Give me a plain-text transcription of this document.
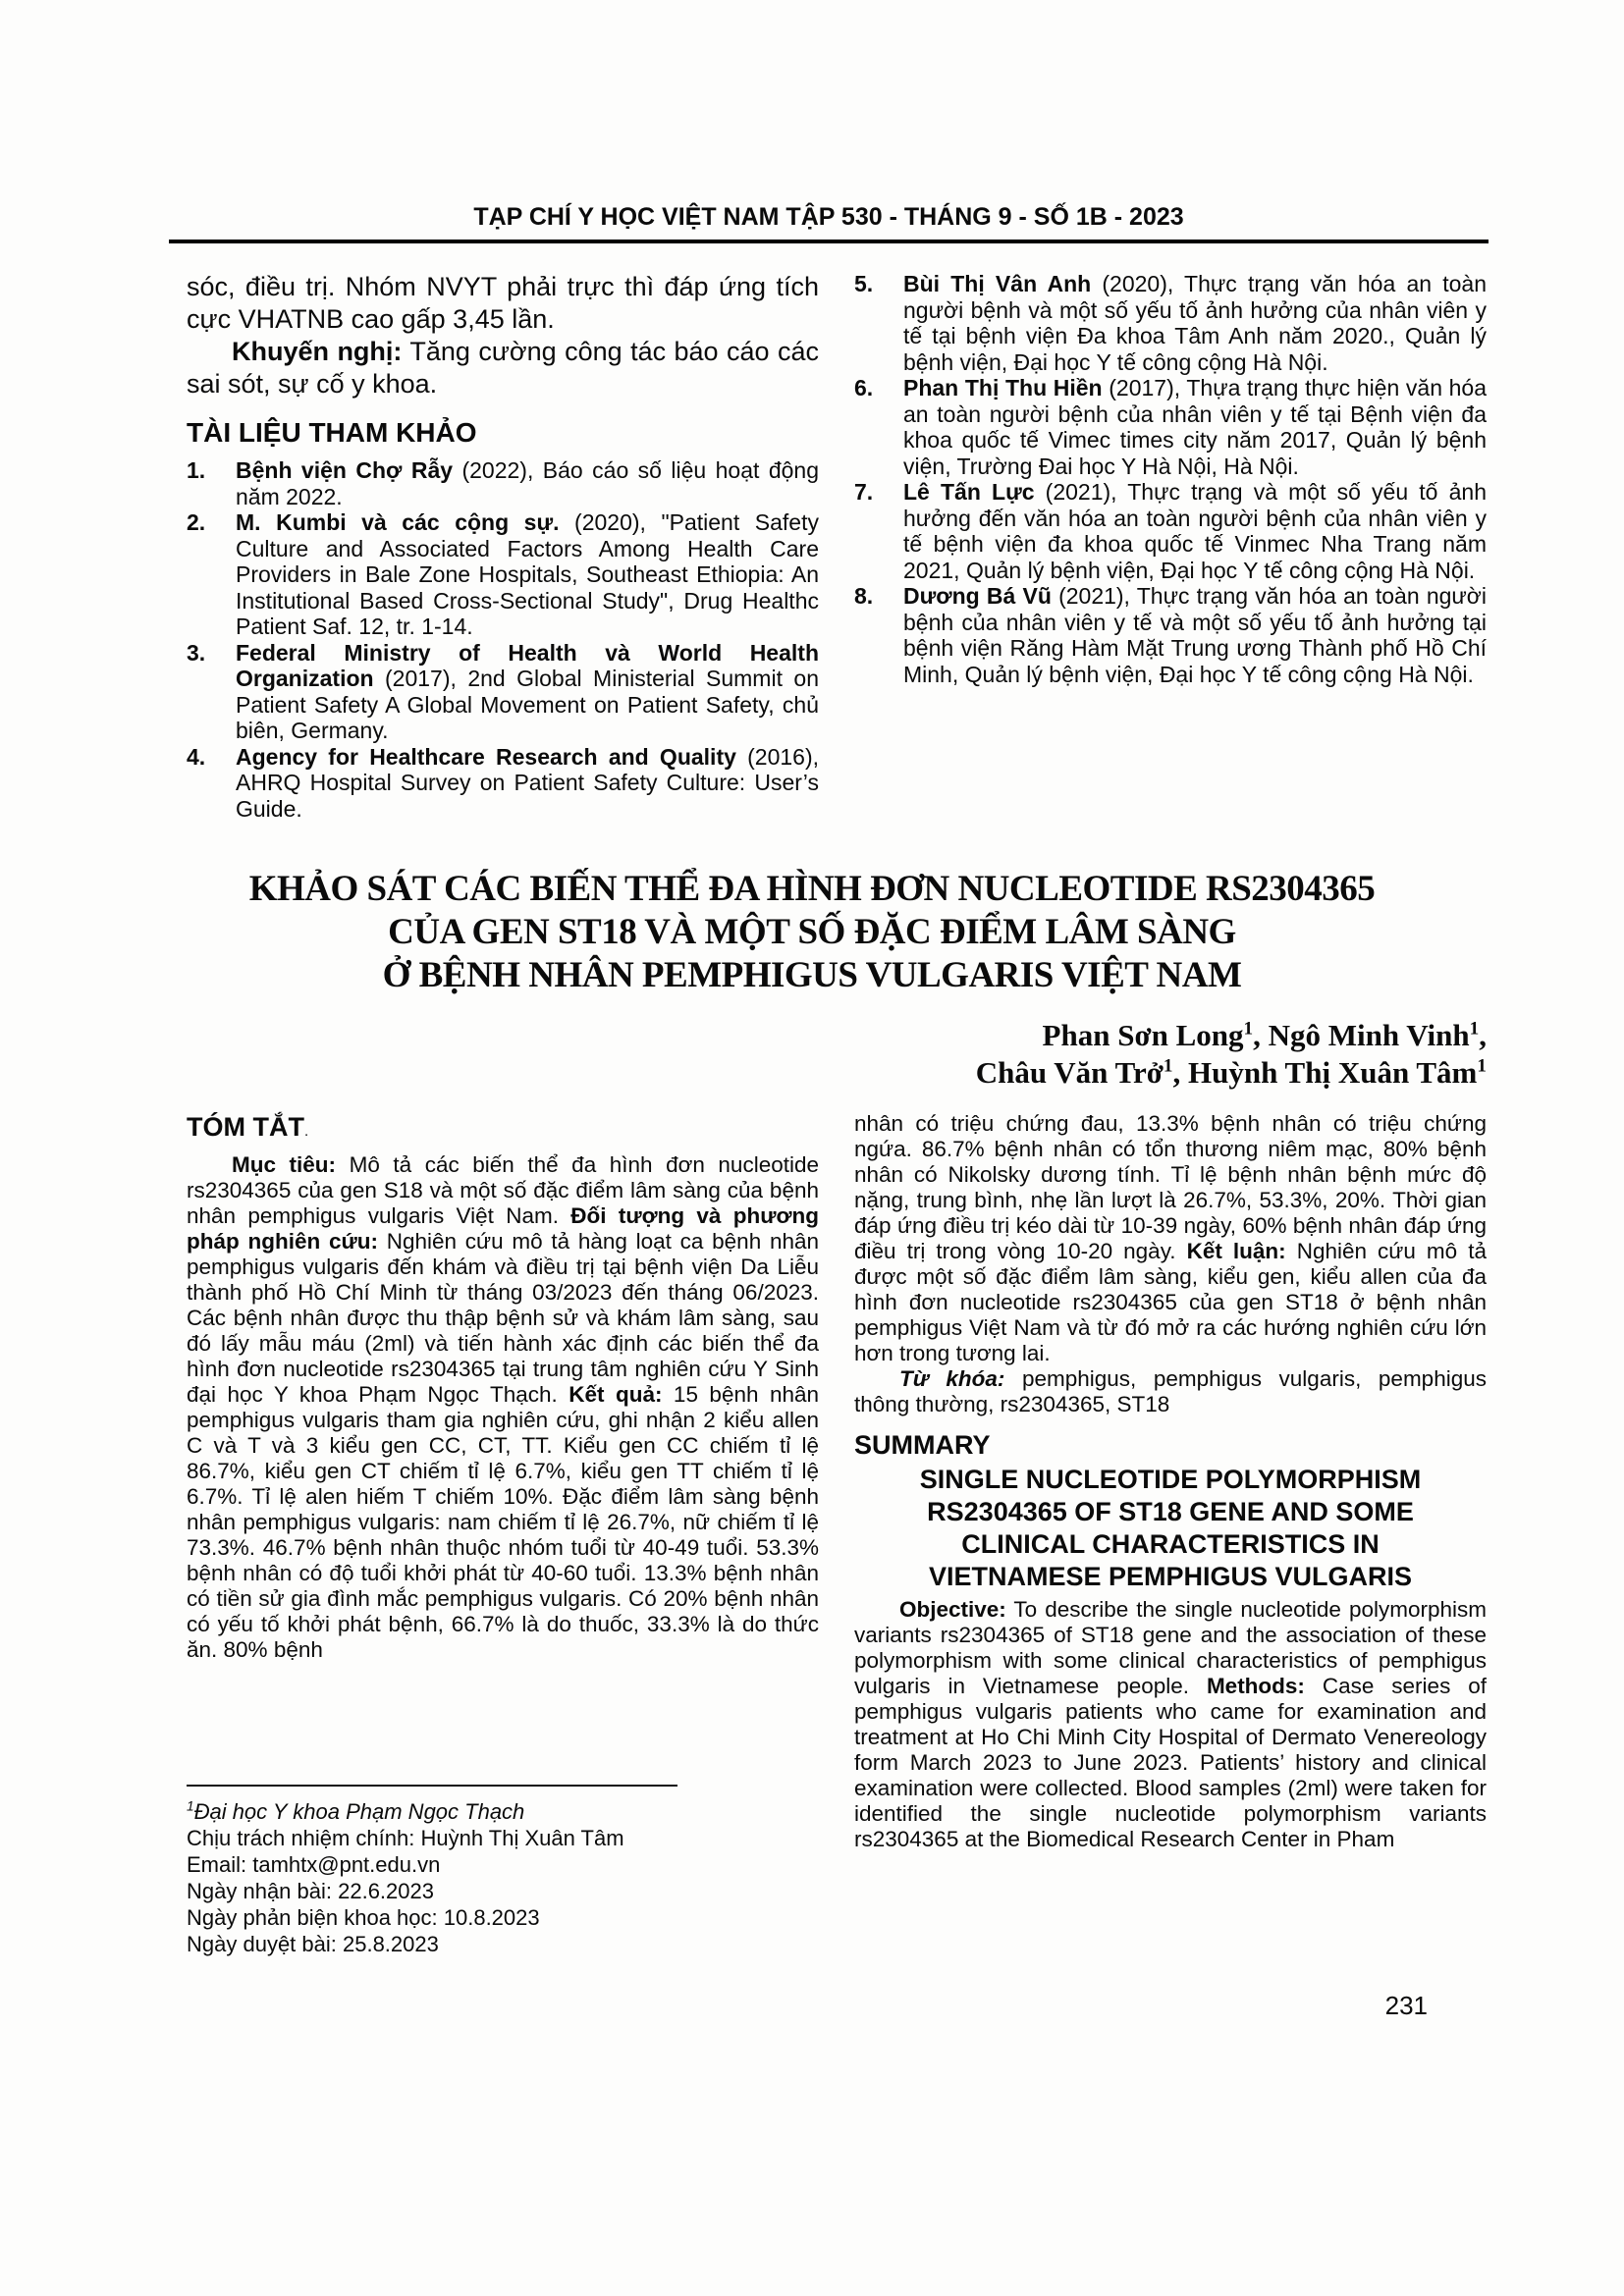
TẠP CHÍ Y HỌC VIỆT NAM TẬP 530 - THÁNG 9 - SỐ 1B - 2023

sóc, điều trị. Nhóm NVYT phải trực thì đáp ứng tích cực VHATNB cao gấp 3,45 lần.

Khuyến nghị: Tăng cường công tác báo cáo các sai sót, sự cố y khoa.

TÀI LIỆU THAM KHẢO

1. Bệnh viện Chợ Rẫy (2022), Báo cáo số liệu hoạt động năm 2022.

2. M. Kumbi và các cộng sự. (2020), "Patient Safety Culture and Associated Factors Among Health Care Providers in Bale Zone Hospitals, Southeast Ethiopia: An Institutional Based Cross-Sectional Study", Drug Healthc Patient Saf. 12, tr. 1-14.

3. Federal Ministry of Health và World Health Organization (2017), 2nd Global Ministerial Summit on Patient Safety A Global Movement on Patient Safety, chủ biên, Germany.

4. Agency for Healthcare Research and Quality (2016), AHRQ Hospital Survey on Patient Safety Culture: User’s Guide.

5. Bùi Thị Vân Anh (2020), Thực trạng văn hóa an toàn người bệnh và một số yếu tố ảnh hưởng của nhân viên y tế tại bệnh viện Đa khoa Tâm Anh năm 2020., Quản lý bệnh viện, Đại học Y tế công cộng Hà Nội.

6. Phan Thị Thu Hiền (2017), Thựa trạng thực hiện văn hóa an toàn người bệnh của nhân viên y tế tại Bệnh viện đa khoa quốc tế Vimec times city năm 2017, Quản lý bệnh viện, Trường Đai học Y Hà Nội, Hà Nội.

7. Lê Tấn Lực (2021), Thực trạng và một số yếu tố ảnh hưởng đến văn hóa an toàn người bệnh của nhân viên y tế bệnh viện đa khoa quốc tế Vinmec Nha Trang năm 2021, Quản lý bệnh viện, Đại học Y tế công cộng Hà Nội.

8. Dương Bá Vũ (2021), Thực trạng văn hóa an toàn người bệnh của nhân viên y tế và một số yếu tố ảnh hưởng tại bệnh viện Răng Hàm Mặt Trung ương Thành phố Hồ Chí Minh, Quản lý bệnh viện, Đại học Y tế công cộng Hà Nội.

KHẢO SÁT CÁC BIẾN THỂ ĐA HÌNH ĐƠN NUCLEOTIDE RS2304365
CỦA GEN ST18 VÀ MỘT SỐ ĐẶC ĐIỂM LÂM SÀNG
Ở BỆNH NHÂN PEMPHIGUS VULGARIS VIỆT NAM
Phan Sơn Long$^1$, Ngô Minh Vinh$^1$,
Châu Văn Trở$^1$, Huỳnh Thị Xuân Tâm$^1$
TÓM TẮT.

Mục tiêu: Mô tả các biến thể đa hình đơn nucleotide rs2304365 của gen S18 và một số đặc điểm lâm sàng của bệnh nhân pemphigus vulgaris Việt Nam. Đối tượng và phương pháp nghiên cứu: Nghiên cứu mô tả hàng loạt ca bệnh nhân pemphigus vulgaris đến khám và điều trị tại bệnh viện Da Liễu thành phố Hồ Chí Minh từ tháng 03/2023 đến tháng 06/2023. Các bệnh nhân được thu thập bệnh sử và khám lâm sàng, sau đó lấy mẫu máu (2ml) và tiến hành xác định các biến thể đa hình đơn nucleotide rs2304365 tại trung tâm nghiên cứu Y Sinh đại học Y khoa Phạm Ngọc Thạch. Kết quả: 15 bệnh nhân pemphigus vulgaris tham gia nghiên cứu, ghi nhận 2 kiểu allen C và T và 3 kiểu gen CC, CT, TT. Kiểu gen CC chiếm tỉ lệ 86.7%, kiểu gen CT chiếm tỉ lệ 6.7%, kiểu gen TT chiếm tỉ lệ 6.7%. Tỉ lệ alen hiếm T chiếm 10%. Đặc điểm lâm sàng bệnh nhân pemphigus vulgaris: nam chiếm tỉ lệ 26.7%, nữ chiếm tỉ lệ 73.3%. 46.7% bệnh nhân thuộc nhóm tuổi từ 40-49 tuổi. 53.3% bệnh nhân có độ tuổi khởi phát từ 40-60 tuổi. 13.3% bệnh nhân có tiền sử gia đình mắc pemphigus vulgaris. Có 20% bệnh nhân có yếu tố khởi phát bệnh, 66.7% là do thuốc, 33.3% là do thức ăn. 80% bệnh

nhân có triệu chứng đau, 13.3% bệnh nhân có triệu chứng ngứa. 86.7% bệnh nhân có tổn thương niêm mạc, 80% bệnh nhân có Nikolsky dương tính. Tỉ lệ bệnh nhân bệnh mức độ nặng, trung bình, nhẹ lần lượt là 26.7%, 53.3%, 20%. Thời gian đáp ứng điều trị kéo dài từ 10-39 ngày, 60% bệnh nhân đáp ứng điều trị trong vòng 10-20 ngày. Kết luận: Nghiên cứu mô tả được một số đặc điểm lâm sàng, kiểu gen, kiểu allen của đa hình đơn nucleotide rs2304365 của gen ST18 ở bệnh nhân pemphigus Việt Nam và từ đó mở ra các hướng nghiên cứu lớn hơn trong tương lai.

Từ khóa: pemphigus, pemphigus vulgaris, pemphigus thông thường, rs2304365, ST18

SUMMARY
SINGLE NUCLEOTIDE POLYMORPHISM
RS2304365 OF ST18 GENE AND SOME
CLINICAL CHARACTERISTICS IN
VIETNAMESE PEMPHIGUS VULGARIS

Objective: To describe the single nucleotide polymorphism variants rs2304365 of ST18 gene and the association of these polymorphism with some clinical characteristics of pemphigus vulgaris in Vietnamese people. Methods: Case series of pemphigus vulgaris patients who came for examination and treatment at Ho Chi Minh City Hospital of Dermato Venereology form March 2023 to June 2023. Patients’ history and clinical examination were collected. Blood samples (2ml) were taken for identified the single nucleotide polymorphism variants rs2304365 at the Biomedical Research Center in Pham

$^1$Đại học Y khoa Phạm Ngọc Thạch

Chịu trách nhiệm chính: Huỳnh Thị Xuân Tâm

Email: tamhtx@pnt.edu.vn

Ngày nhận bài: 22.6.2023

Ngày phản biện khoa học: 10.8.2023

Ngày duyệt bài: 25.8.2023

231
